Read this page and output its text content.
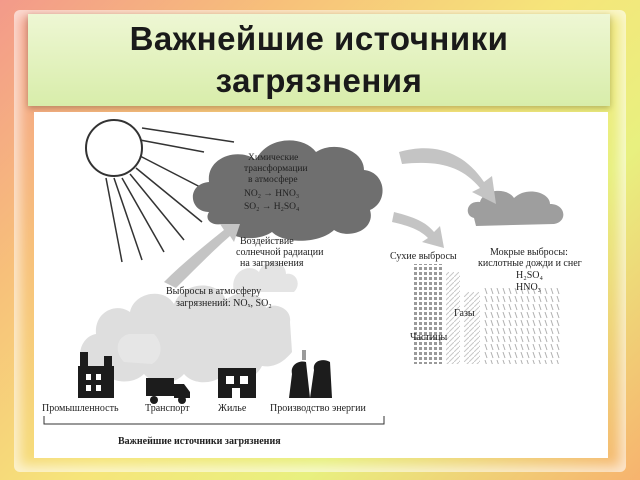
Важнейшие источники
загрязнения
Химические
трансформации
в атмосфере
NO₂ → HNO₃
SO₂ → H₂SO₄
Воздействие
солнечной радиации
на загрязнения
Выбросы в атмосферу
загрязнений: NOₓ, SO₂
Сухие выбросы
Газы
Частицы
Мокрые выбросы:
кислотные дожди и снег
H₂SO₄
HNO₃
Промышленность	Транспорт	Жилье Производство энергии
Важнейшие источники загрязнения
